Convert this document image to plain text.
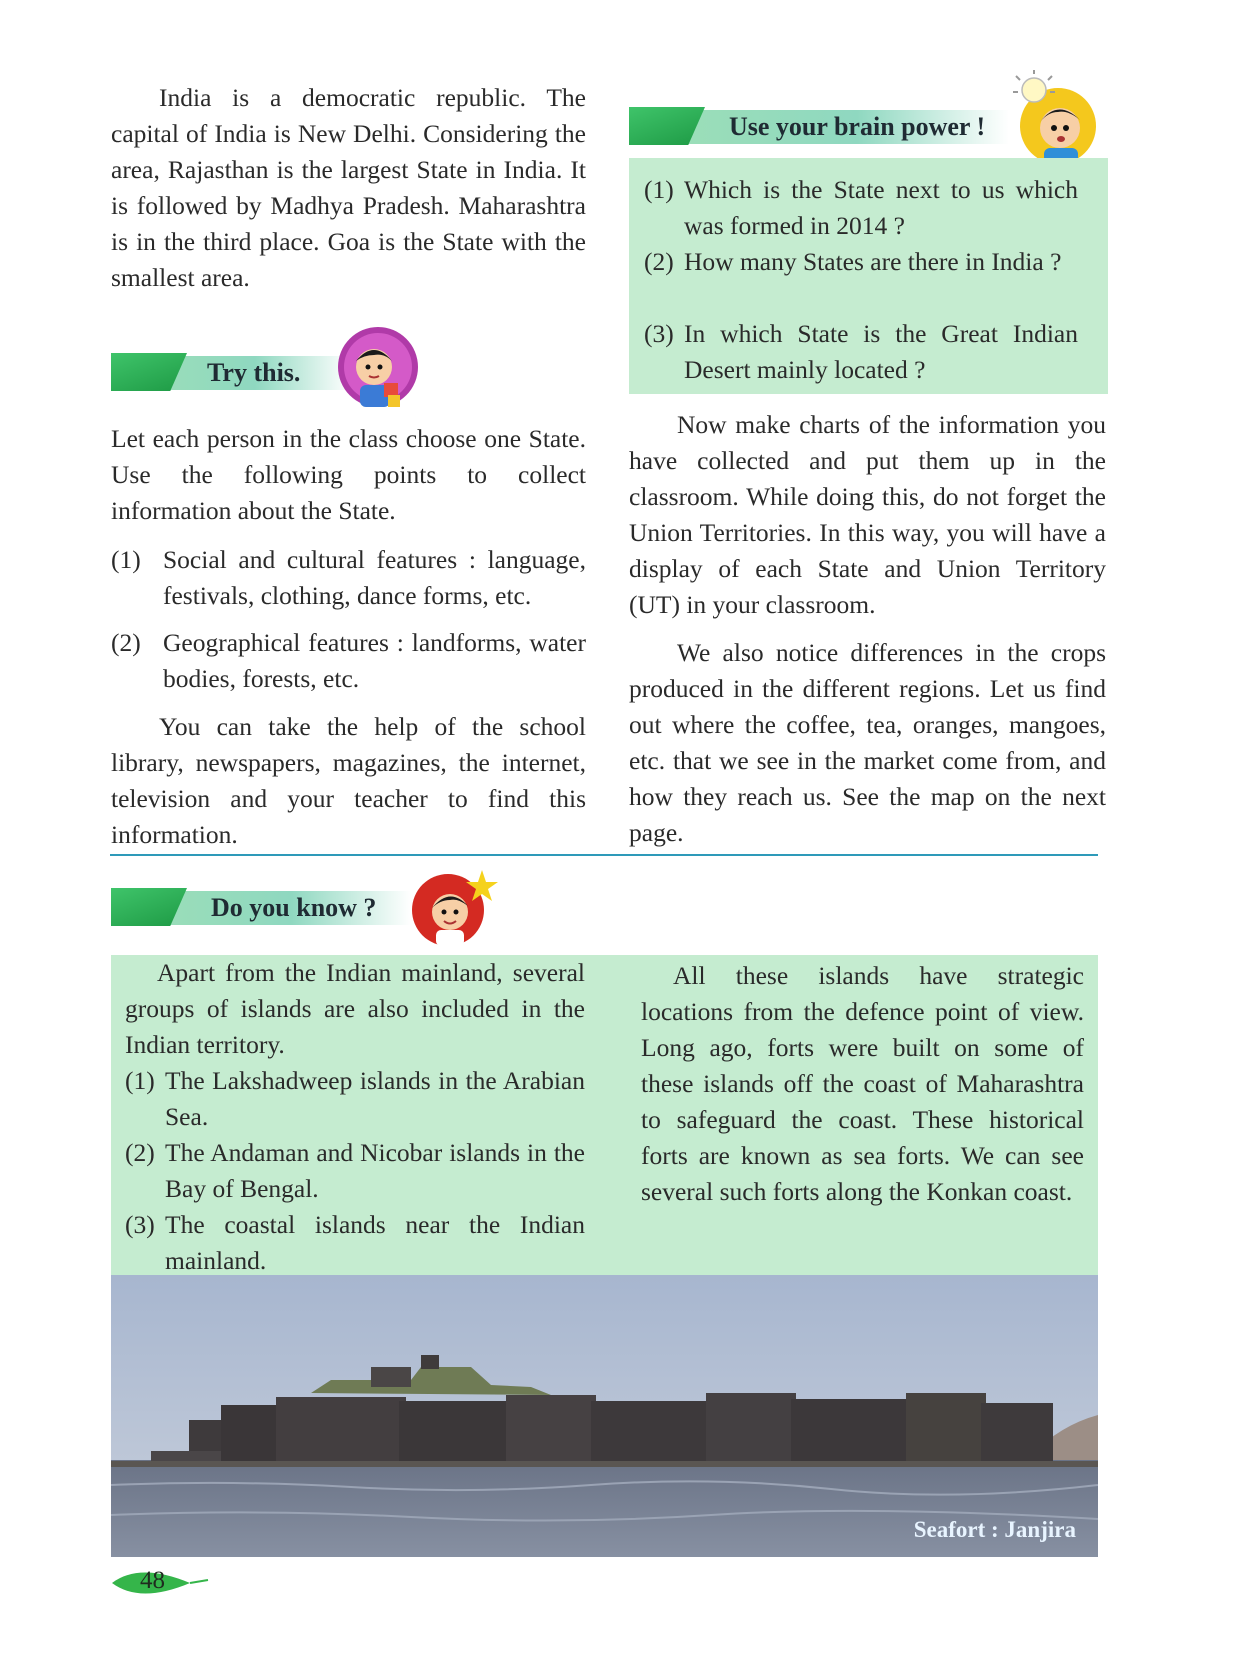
India is a democratic republic. The capital of India is New Delhi. Considering the area, Rajasthan is the largest State in India. It is followed by Madhya Pradesh. Maharashtra is in the third place. Goa is the State with the smallest area.

Try this.

Let each person in the class choose one State. Use the following points to collect information about the State.

(1) Social and cultural features : language, festivals, clothing, dance forms, etc.
(2) Geographical features : landforms, water bodies, forests, etc.

You can take the help of the school library, newspapers, magazines, the internet, television and your teacher to find this information.

Use your brain power !
(1) Which is the State next to us which was formed in 2014 ?
(2) How many States are there in India ?
(3) In which State is the Great Indian Desert mainly located ?

Now make charts of the information you have collected and put them up in the classroom. While doing this, do not forget the Union Territories. In this way, you will have a display of each State and Union Territory (UT) in your classroom.

We also notice differences in the crops produced in the different regions. Let us find out where the coffee, tea, oranges, mangoes, etc. that we see in the market come from, and how they reach us. See the map on the next page.

Do you know ?

Apart from the Indian mainland, several groups of islands are also included in the Indian territory.

(1) The Lakshadweep islands in the Arabian Sea.
(2) The Andaman and Nicobar islands in the Bay of Bengal.
(3) The coastal islands near the Indian mainland.

All these islands have strategic locations from the defence point of view. Long ago, forts were built on some of these islands off the coast of Maharashtra to safeguard the coast. These historical forts are known as sea forts. We can see several such forts along the Konkan coast.

Seafort : Janjira
48
